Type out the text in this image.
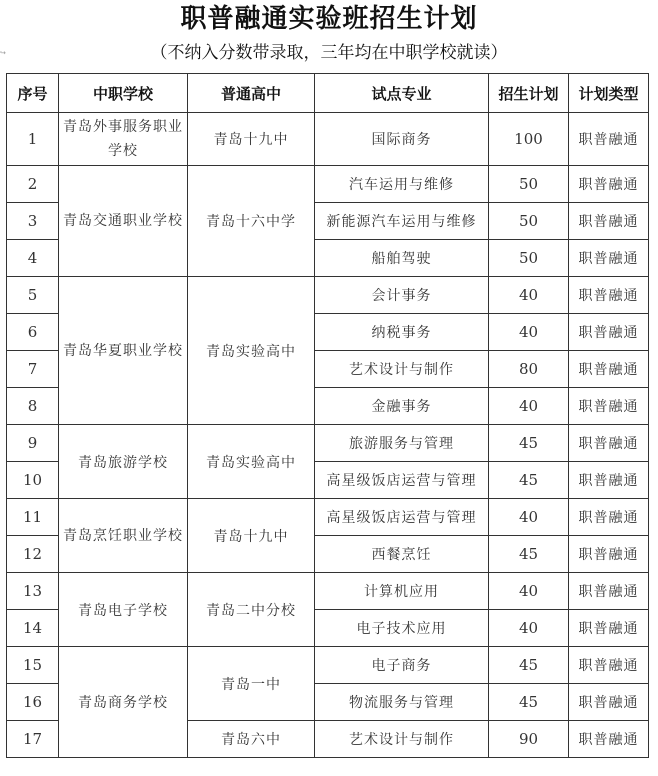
职普融通实验班招生计划
↪	（不纳入分数带录取，三年均在中职学校就读）
序号	中职学校	普通高中	试点专业	招生计划	计划类型
1	青岛外事服务职业学校	青岛十九中	国际商务	100	职普融通
2	青岛交通职业学校	青岛十六中学	汽车运用与维修	50	职普融通
3			新能源汽车运用与维修	50	职普融通
4			船舶驾驶	50	职普融通
5	青岛华夏职业学校	青岛实验高中	会计事务	40	职普融通
6			纳税事务	40	职普融通
7			艺术设计与制作	80	职普融通
8			金融事务	40	职普融通
9	青岛旅游学校	青岛实验高中	旅游服务与管理	45	职普融通
10			高星级饭店运营与管理	45	职普融通
11	青岛烹饪职业学校	青岛十九中	高星级饭店运营与管理	40	职普融通
12			西餐烹饪	45	职普融通
13	青岛电子学校	青岛二中分校	计算机应用	40	职普融通
14			电子技术应用	40	职普融通
15	青岛商务学校	青岛一中	电子商务	45	职普融通
16			物流服务与管理	45	职普融通
17		青岛六中	艺术设计与制作	90	职普融通
